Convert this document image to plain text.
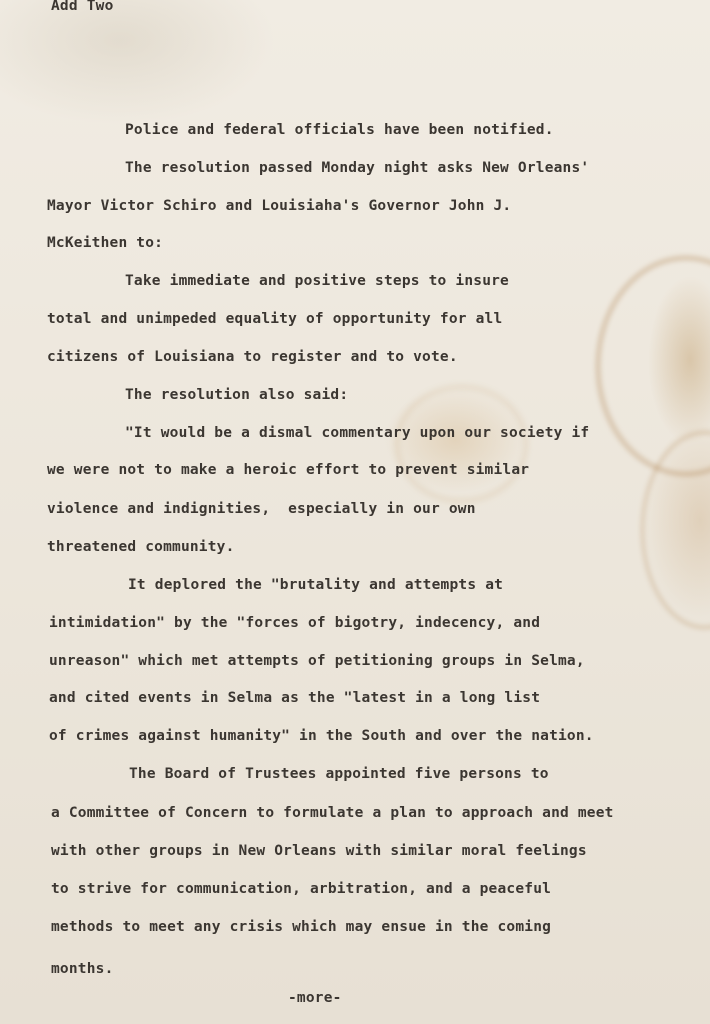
Add Two
Police and federal officials have been notified.
The resolution passed Monday night asks New Orleans'
Mayor Victor Schiro and Louisiaha's Governor John J.
McKeithen to:
Take immediate and positive steps to insure
total and unimpeded equality of opportunity for all
citizens of Louisiana to register and to vote.
The resolution also said:
"It would be a dismal commentary upon our society if
we were not to make a heroic effort to prevent similar
violence and indignities,  especially in our own
threatened community.
It deplored the "brutality and attempts at
intimidation" by the "forces of bigotry, indecency, and
unreason" which met attempts of petitioning groups in Selma,
and cited events in Selma as the "latest in a long list
of crimes against humanity" in the South and over the nation.
The Board of Trustees appointed five persons to
a Committee of Concern to formulate a plan to approach and meet
with other groups in New Orleans with similar moral feelings
to strive for communication, arbitration, and a peaceful
methods to meet any crisis which may ensue in the coming
months.
-more-
